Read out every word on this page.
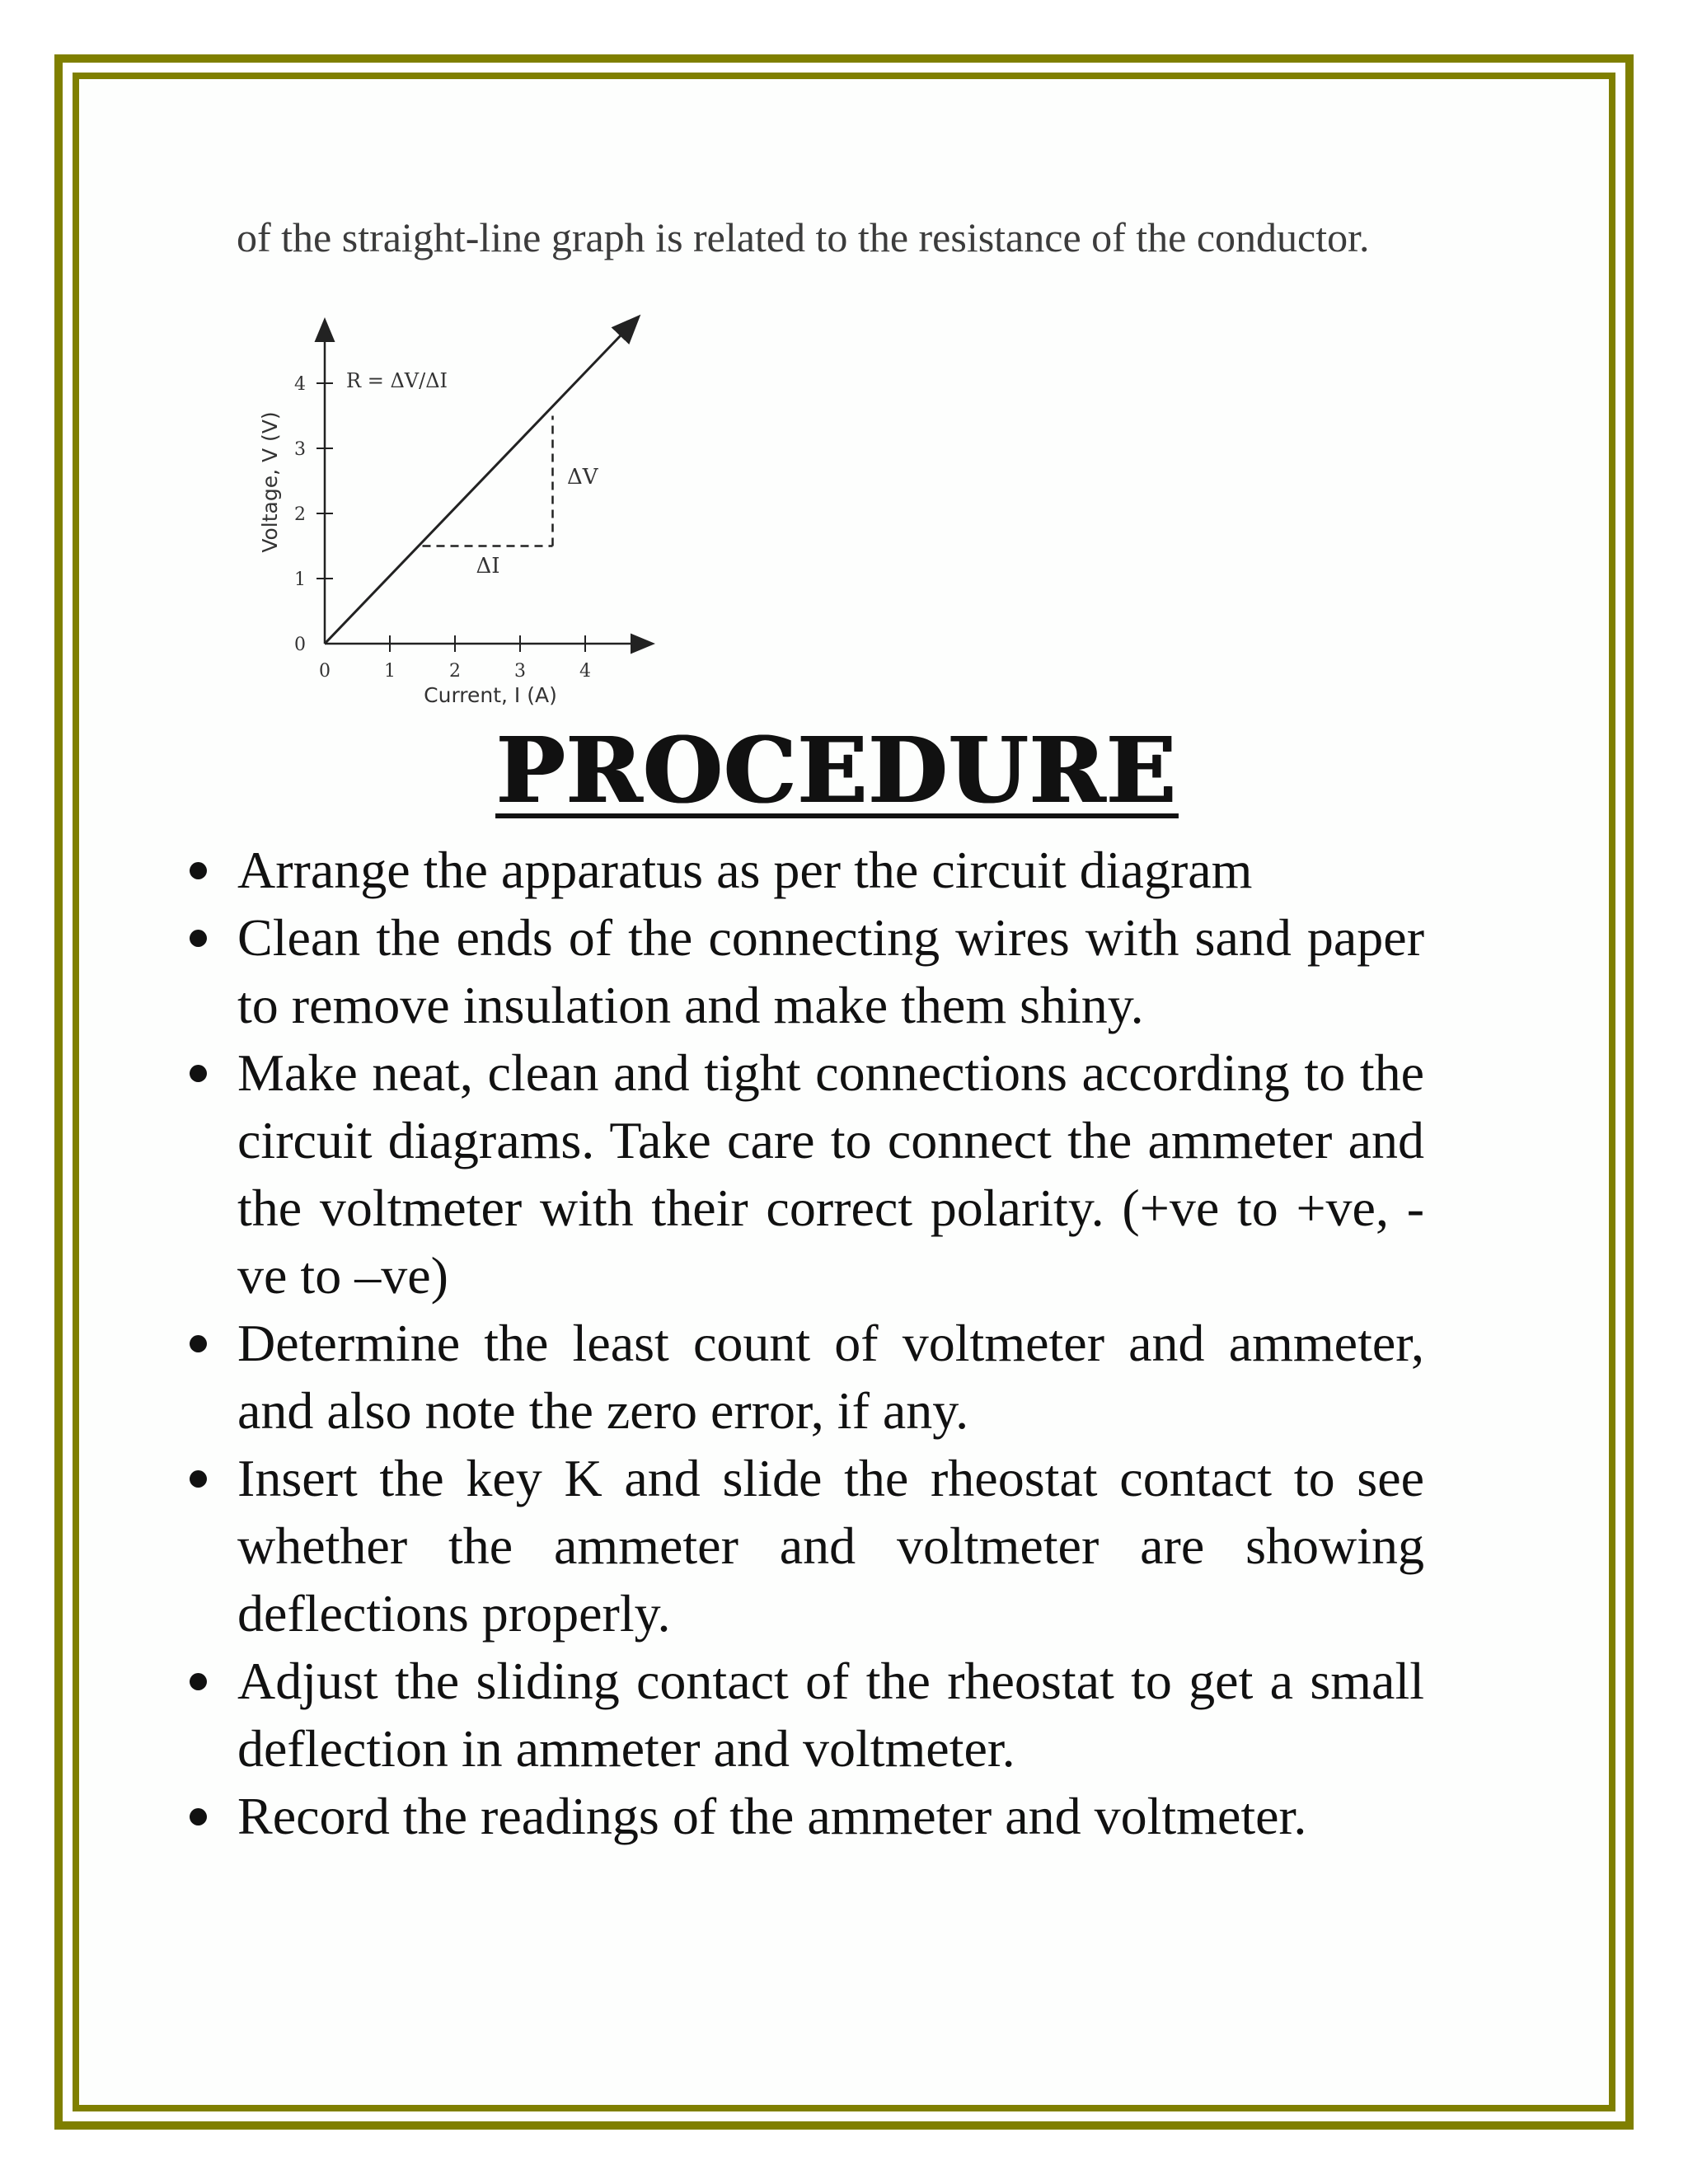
of the straight-line graph is related to the resistance of the conductor.

Current, I (A)
Voltage, V (V)
R = ΔV/ΔI
ΔV
ΔI
0	1	2	3	4
0
1
2
3
4
PROCEDURE
Arrange the apparatus as per the circuit diagram
Clean the ends of the connecting wires with sand paper to remove insulation and make them shiny.
Make neat, clean and tight connections according to the circuit diagrams. Take care to connect the ammeter and the voltmeter with their correct polarity. (+ve to +ve, -ve to –ve)
Determine the least count of voltmeter and ammeter, and also note the zero error, if any.
Insert the key K and slide the rheostat contact to see whether the ammeter and voltmeter are showing deflections properly.
Adjust the sliding contact of the rheostat to get a small deflection in ammeter and voltmeter.
Record the readings of the ammeter and voltmeter.
